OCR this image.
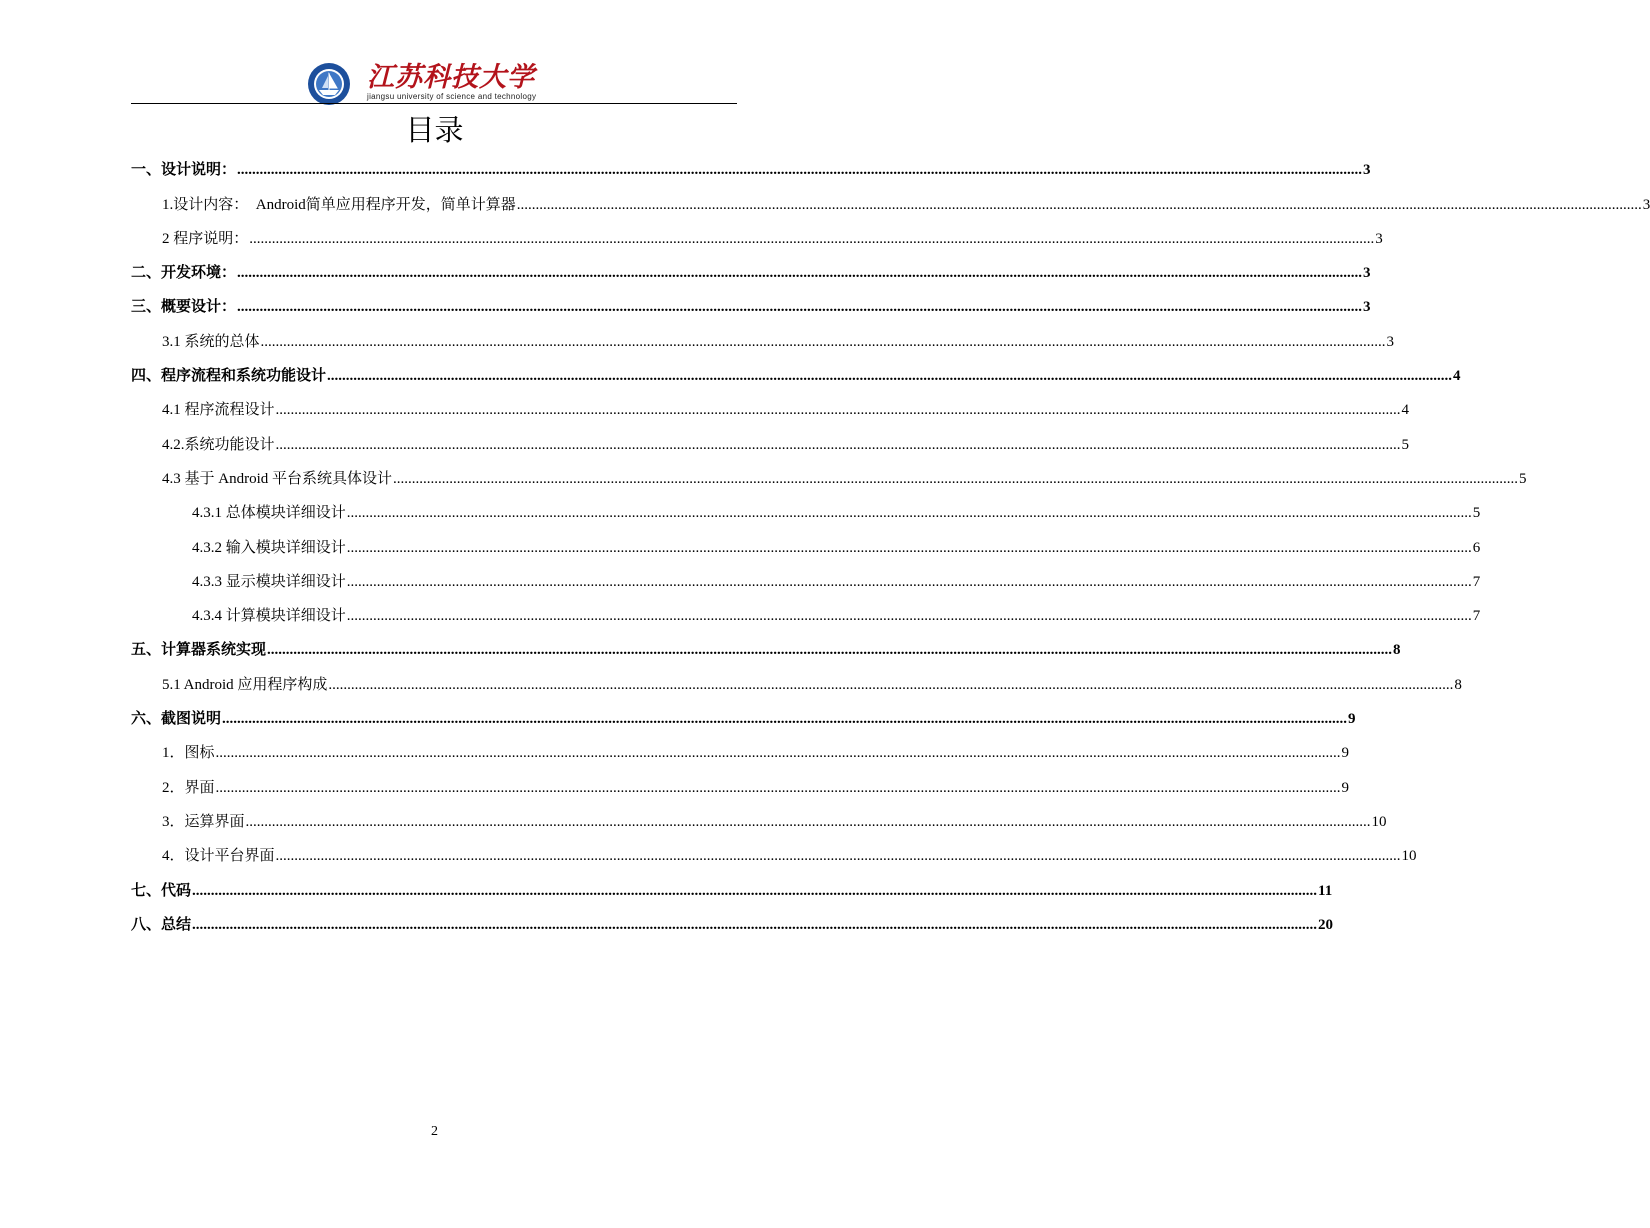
江苏科技大学
jiangsu university of science and technology
目录
一、设计说明： ............................................................................................................................................................................................................................................................................................................ 3
1.设计内容：  Android简单应用程序开发，简单计算器 ............................................................................................................................................................................................................................................................................................................ 3
2 程序说明： ............................................................................................................................................................................................................................................................................................................ 3
二、开发环境： ............................................................................................................................................................................................................................................................................................................ 3
三、概要设计： ............................................................................................................................................................................................................................................................................................................ 3
3.1 系统的总体 ............................................................................................................................................................................................................................................................................................................ 3
四、程序流程和系统功能设计 ............................................................................................................................................................................................................................................................................................................ 4
4.1 程序流程设计 ............................................................................................................................................................................................................................................................................................................ 4
4.2.系统功能设计 ............................................................................................................................................................................................................................................................................................................ 5
4.3 基于 Android 平台系统具体设计 ............................................................................................................................................................................................................................................................................................................ 5
4.3.1 总体模块详细设计 ............................................................................................................................................................................................................................................................................................................ 5
4.3.2 输入模块详细设计 ............................................................................................................................................................................................................................................................................................................ 6
4.3.3 显示模块详细设计 ............................................................................................................................................................................................................................................................................................................ 7
4.3.4 计算模块详细设计 ............................................................................................................................................................................................................................................................................................................ 7
五、计算器系统实现 ............................................................................................................................................................................................................................................................................................................ 8
5.1 Android 应用程序构成 ............................................................................................................................................................................................................................................................................................................ 8
六、截图说明 ............................................................................................................................................................................................................................................................................................................ 9
1．图标 ............................................................................................................................................................................................................................................................................................................ 9
2．界面 ............................................................................................................................................................................................................................................................................................................ 9
3．运算界面 ............................................................................................................................................................................................................................................................................................................ 10
4．设计平台界面 ............................................................................................................................................................................................................................................................................................................ 10
七、代码 ............................................................................................................................................................................................................................................................................................................ 11
八、总结 ............................................................................................................................................................................................................................................................................................................ 20
2
